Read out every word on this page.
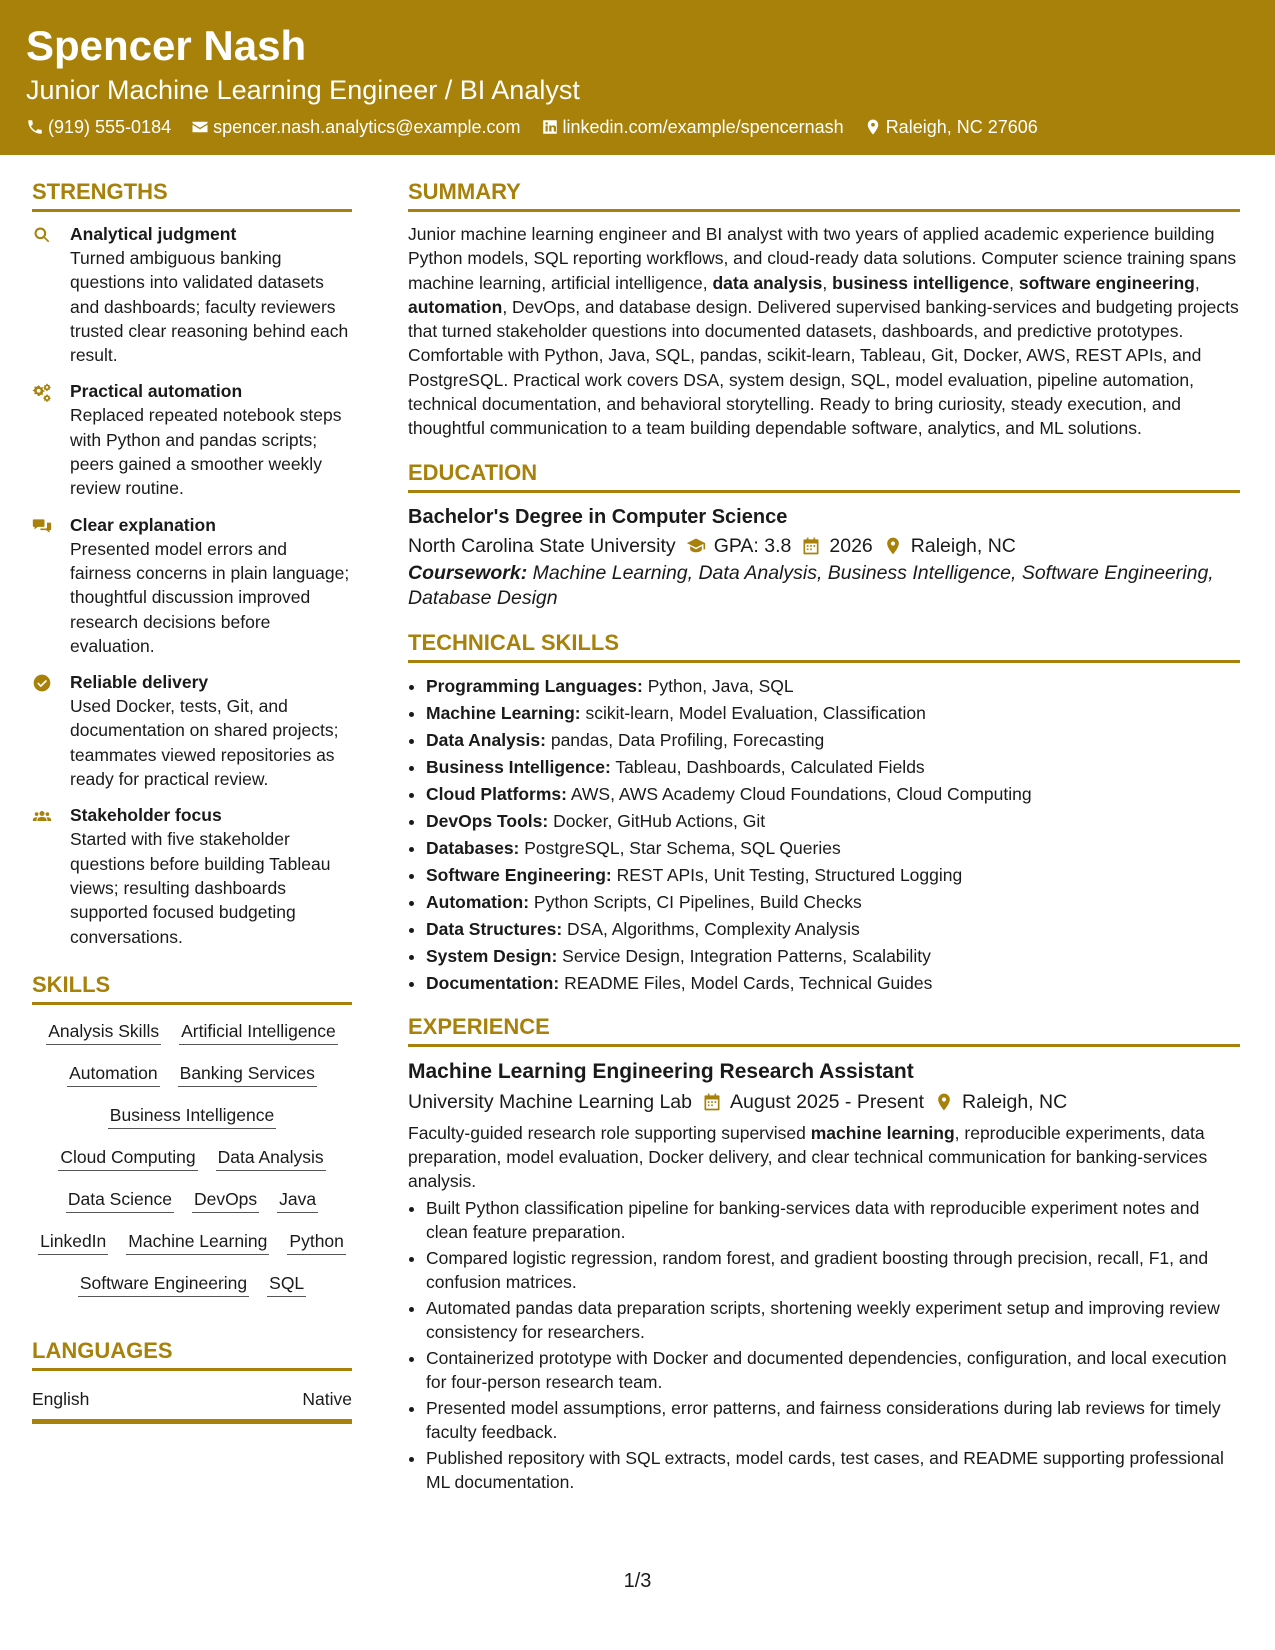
Spencer Nash
Junior Machine Learning Engineer / BI Analyst
(919) 555-0184 spencer.nash.analytics@example.com linkedin.com/example/spencernash Raleigh, NC 27606
STRENGTHS
Analytical judgment
Turned ambiguous banking questions into validated datasets and dashboards; faculty reviewers trusted clear reasoning behind each result.
Practical automation
Replaced repeated notebook steps with Python and pandas scripts; peers gained a smoother weekly review routine.
Clear explanation
Presented model errors and fairness concerns in plain language; thoughtful discussion improved research decisions before evaluation.
Reliable delivery
Used Docker, tests, Git, and documentation on shared projects; teammates viewed repositories as ready for practical review.
Stakeholder focus
Started with five stakeholder questions before building Tableau views; resulting dashboards supported focused budgeting conversations.
SKILLS
Analysis Skills Artificial Intelligence
Automation Banking Services
Business Intelligence
Cloud Computing Data Analysis
Data Science DevOps Java
LinkedIn Machine Learning Python
Software Engineering SQL
LANGUAGES
English	Native
SUMMARY
Junior machine learning engineer and BI analyst with two years of applied academic experience building Python models, SQL reporting workflows, and cloud-ready data solutions. Computer science training spans machine learning, artificial intelligence, data analysis, business intelligence, software engineering, automation, DevOps, and database design. Delivered supervised banking-services and budgeting projects that turned stakeholder questions into documented datasets, dashboards, and predictive prototypes. Comfortable with Python, Java, SQL, pandas, scikit-learn, Tableau, Git, Docker, AWS, REST APIs, and PostgreSQL. Practical work covers DSA, system design, SQL, model evaluation, pipeline automation, technical documentation, and behavioral storytelling. Ready to bring curiosity, steady execution, and thoughtful communication to a team building dependable software, analytics, and ML solutions.
EDUCATION
Bachelor's Degree in Computer Science
North Carolina State University GPA: 3.8 2026 Raleigh, NC
Coursework: Machine Learning, Data Analysis, Business Intelligence, Software Engineering, Database Design
TECHNICAL SKILLS
• Programming Languages: Python, Java, SQL
• Machine Learning: scikit-learn, Model Evaluation, Classification
• Data Analysis: pandas, Data Profiling, Forecasting
• Business Intelligence: Tableau, Dashboards, Calculated Fields
• Cloud Platforms: AWS, AWS Academy Cloud Foundations, Cloud Computing
• DevOps Tools: Docker, GitHub Actions, Git
• Databases: PostgreSQL, Star Schema, SQL Queries
• Software Engineering: REST APIs, Unit Testing, Structured Logging
• Automation: Python Scripts, CI Pipelines, Build Checks
• Data Structures: DSA, Algorithms, Complexity Analysis
• System Design: Service Design, Integration Patterns, Scalability
• Documentation: README Files, Model Cards, Technical Guides
EXPERIENCE
Machine Learning Engineering Research Assistant
University Machine Learning Lab August 2025 - Present Raleigh, NC
Faculty-guided research role supporting supervised machine learning, reproducible experiments, data preparation, model evaluation, Docker delivery, and clear technical communication for banking-services analysis.
• Built Python classification pipeline for banking-services data with reproducible experiment notes and clean feature preparation.
• Compared logistic regression, random forest, and gradient boosting through precision, recall, F1, and confusion matrices.
• Automated pandas data preparation scripts, shortening weekly experiment setup and improving review consistency for researchers.
• Containerized prototype with Docker and documented dependencies, configuration, and local execution for four-person research team.
• Presented model assumptions, error patterns, and fairness considerations during lab reviews for timely faculty feedback.
• Published repository with SQL extracts, model cards, test cases, and README supporting professional ML documentation.
1/3
